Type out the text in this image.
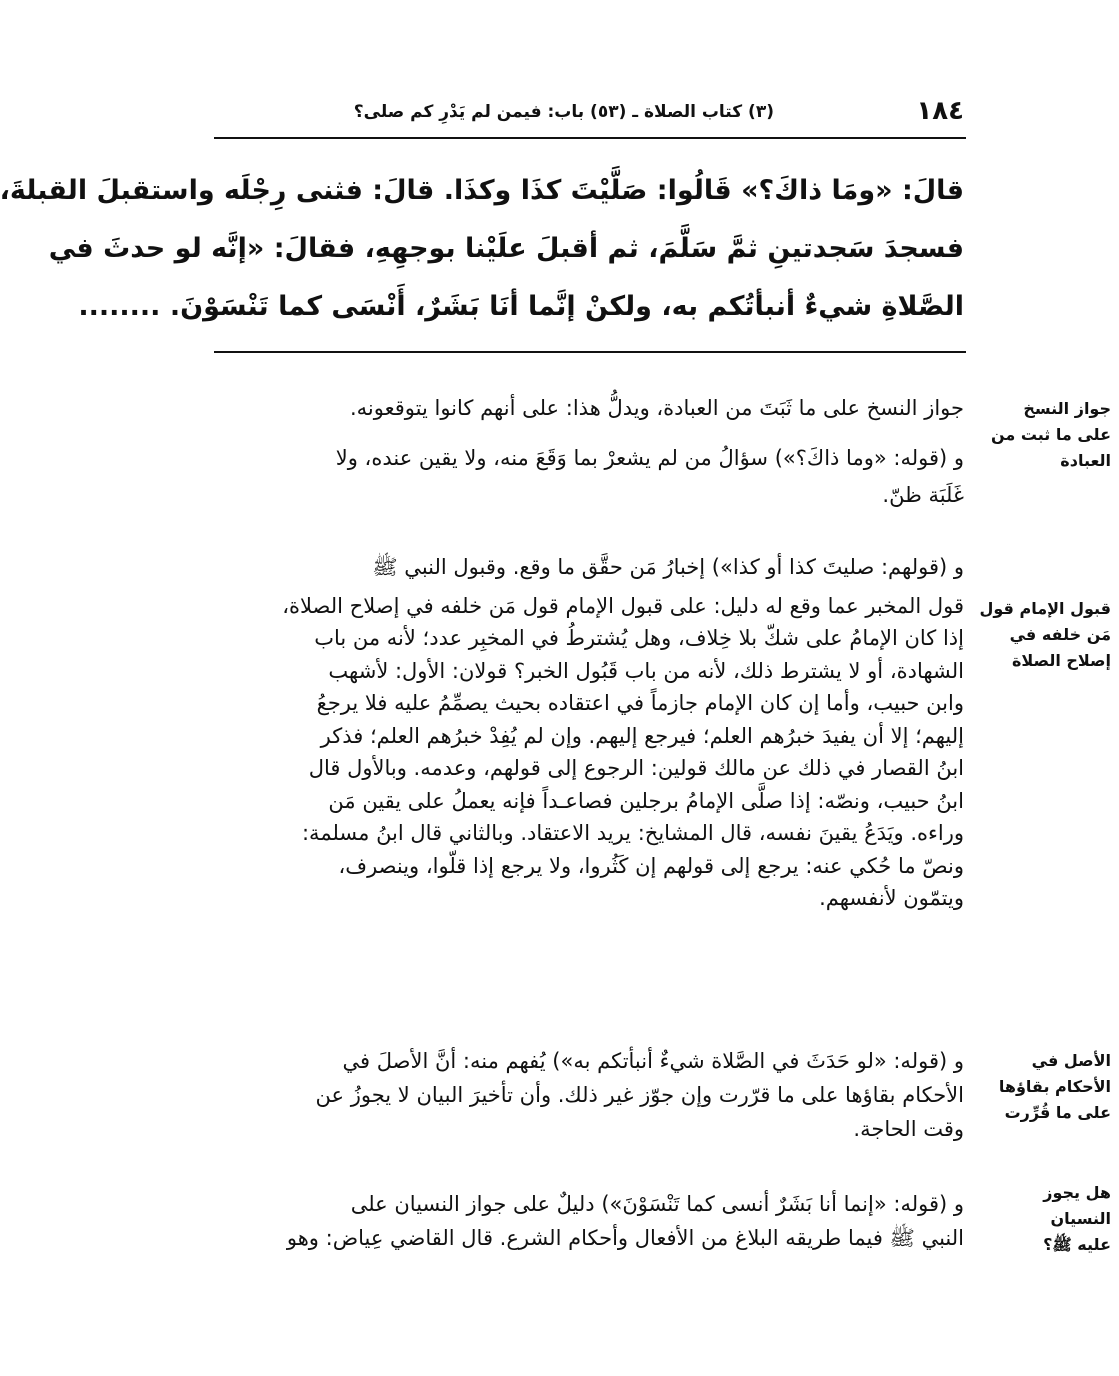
١٨٤
(٣) كتاب الصلاة ـ (٥٣) باب: فيمن لم يَدْرِ كم صلى؟
قالَ: «ومَا ذاكَ؟» قَالُوا: صَلَّيْتَ كذَا وكذَا. قالَ: فثنى رِجْلَه واستقبلَ القبلةَ،
فسجدَ سَجدتينِ ثمَّ سَلَّمَ، ثم أقبلَ علَيْنا بوجهِهِ، فقالَ: «إنَّه لو حدثَ في
الصَّلاةِ شيءٌ أنبأتُكم به، ولكنْ إنَّما أنَا بَشَرٌ، أَنْسَى كما تَنْسَوْنَ. ........
جواز النسخ
على ما ثبت من
العبادة
قبول الإمام قول
مَن خلفه في
إصلاح الصلاة
الأصل في
الأحكام بقاؤها
على ما قُرِّرت
هل يجوز
النسيان
عليه ﷺ؟
جواز النسخ على ما ثَبَتَ من العبادة، ويدلُّ هذا: على أنهم كانوا يتوقعونه.
و (قوله: «وما ذاكَ؟») سؤالُ من لم يشعرْ بما وَقَعَ منه، ولا يقين عنده، ولا
غَلَبَة ظنّ.
و (قولهم: صليتَ كذا أو كذا») إخبارُ مَن حقَّق ما وقع. وقبول النبي ﷺ
قول المخبر عما وقع له دليل: على قبول الإمام قول مَن خلفه في إصلاح الصلاة،
إذا كان الإمامُ على شكّ بلا خِلاف، وهل يُشترطُ في المخبِر عدد؛ لأنه من باب
الشهادة، أو لا يشترط ذلك، لأنه من باب قَبُول الخبر؟ قولان: الأول: لأشهب
وابن حبيب، وأما إن كان الإمام جازماً في اعتقاده بحيث يصمِّمُ عليه فلا يرجعُ
إليهم؛ إلا أن يفيدَ خبرُهم العلم؛ فيرجع إليهم. وإن لم يُفِدْ خبرُهم العلم؛ فذكر
ابنُ القصار في ذلك عن مالك قولين: الرجوع إلى قولهم، وعدمه. وبالأول قال
ابنُ حبيب، ونصّه: إذا صلَّى الإمامُ برجلين فصاعـداً فإنه يعملُ على يقين مَن
وراءه. ويَدَعُ يقينَ نفسه، قال المشايخ: يريد الاعتقاد. وبالثاني قال ابنُ مسلمة:
ونصّ ما حُكي عنه: يرجع إلى قولهم إن كَثُروا، ولا يرجع إذا قلّوا، وينصرف،
ويتمّون لأنفسهم.
و (قوله: «لو حَدَثَ في الصَّلاة شيءٌ أنبأتكم به») يُفهم منه: أنَّ الأصلَ في
الأحكام بقاؤها على ما قرّرت وإن جوّز غير ذلك. وأن تأخيرَ البيان لا يجوزُ عن
وقت الحاجة.
و (قوله: «إنما أنا بَشَرٌ أنسى كما تَنْسَوْنَ») دليلٌ على جواز النسيان على
النبي ﷺ فيما طريقه البلاغ من الأفعال وأحكام الشرع. قال القاضي عِياض: وهو
